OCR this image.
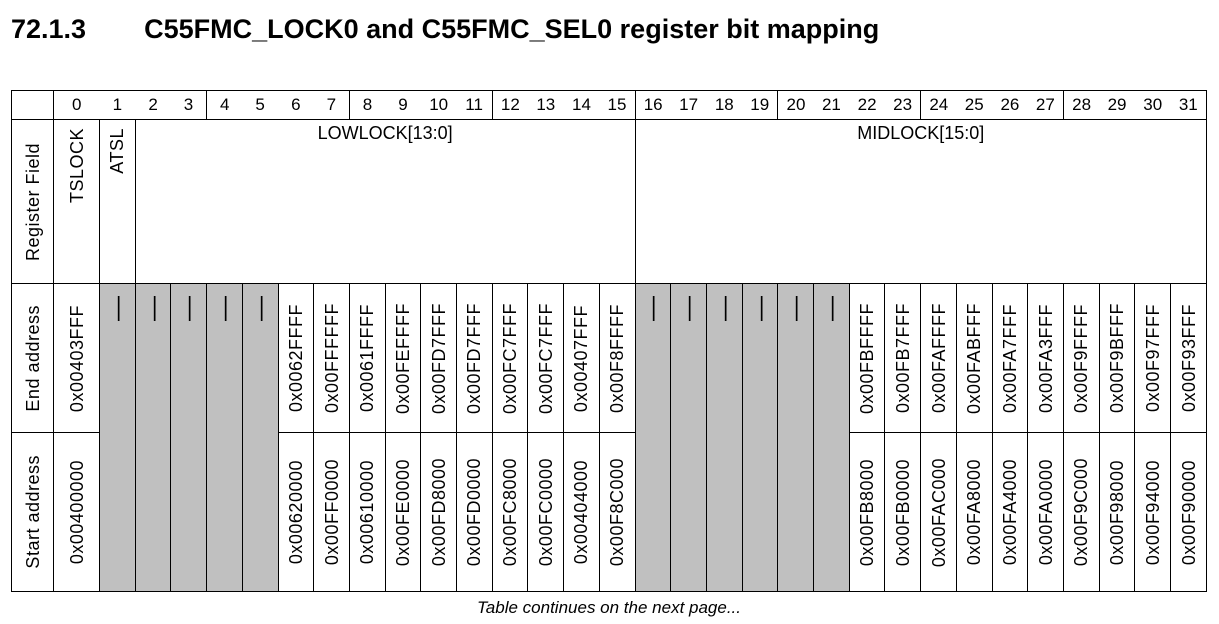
72.1.3 C55FMC_LOCK0 and C55FMC_SEL0 register bit mapping
	0	1	2	3	4	5	6	7	8	9	10	11	12	13	14	15	16	17	18	19	20	21	22	23	24	25	26	27	28	29	30	31

Register Field	TSLOCK	ATSL	LOWLOCK[13:0]														MIDLOCK[15:0]															

End address	0x00403FFF	—	—	—	—	—	0x0062FFFF	0x00FFFFFF	0x0061FFFF	0x00FEFFFF	0x00FD7FFF	0x00FD7FFF	0x00FC7FFF	0x00FC7FFF	0x00407FFF	0x00F8FFFF	—	—	—	—	—	—	0x00FBFFFF	0x00FB7FFF	0x00FAFFFF	0x00FABFFF	0x00FA7FFF	0x00FA3FFF	0x00F9FFFF	0x00F9BFFF	0x00F97FFF	0x00F93FFF

Start address	0x00400000						0x00620000	0x00FF0000	0x00610000	0x00FE0000	0x00FD8000	0x00FD0000	0x00FC8000	0x00FC0000	0x00404000	0x00F8C000							0x00FB8000	0x00FB0000	0x00FAC000	0x00FA8000	0x00FA4000	0x00FA0000	0x00F9C000	0x00F98000	0x00F94000	0x00F90000
Table continues on the next page...
